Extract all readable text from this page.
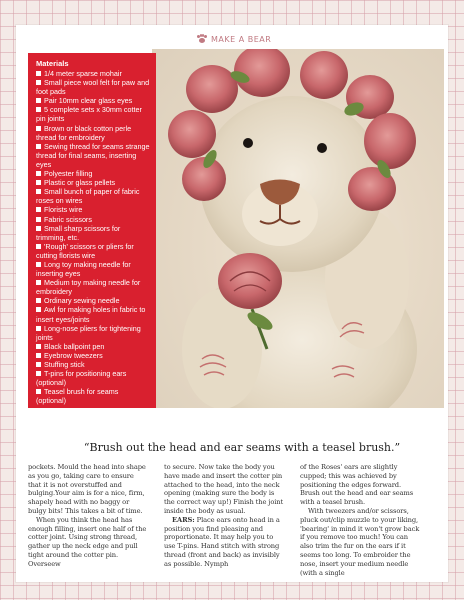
MAKE A BEAR
Materials
1/4 meter sparse mohair
Small piece wool felt for paw and foot pads
Pair 10mm clear glass eyes
5 complete sets x 30mm cotter pin joints
Brown or black cotton perle thread for embroidery
Sewing thread for seams strange thread for final seams, inserting eyes
Polyester filling
Plastic or glass pellets
Small bunch of paper of fabric roses on wires
Florists wire
Fabric scissors
Small sharp scissors for trimming, etc.
'Rough' scissors or pliers for cutting florists wire
Long toy making needle for inserting eyes
Medium toy making needle for embroidery
Ordinary sewing needle
Awl for making holes in fabric to insert eyes/joints
Long-nose pliers for tightening joints
Black ballpoint pen
Eyebrow tweezers
Stuffing stick
T-pins for positioning ears (optional)
Teasel brush for seams (optional)
PATTERN SHOWN 100%
“Brush out the head and ear seams with a teasel brush.”

pockets. Mould the head into shape as you go, taking care to ensure that it is not overstuffed and bulging.Your aim is for a nice, firm, shapely head with no baggy or bulgy bits! This takes a bit of time.

When you think the head has enough filling, insert one half of the cotter joint. Using strong thread, gather up the neck edge and pull tight around the cotter pin. Overseew

to secure. Now take the body you have made and insert the cotter pin attached to the head, into the neck opening (making sure the body is the correct way up!) Finish the joint inside the body as usual.

EARS: Place ears onto head in a position you find pleasing and proportionate. It may help you to use T-pins. Hand stitch with strong thread (front and back) as invisibly as possible. Nymph

of the Roses' ears are slightly cupped; this was achieved by positioning the edges forward. Brush out the head and ear seams with a teasel brush.

With tweezers and/or scissors, pluck out/clip muzzle to your liking, 'bearing' in mind it won't grow back if you remove too much! You can also trim the fur on the ears if it seems too long. To embroider the nose, insert your medium needle (with a single
